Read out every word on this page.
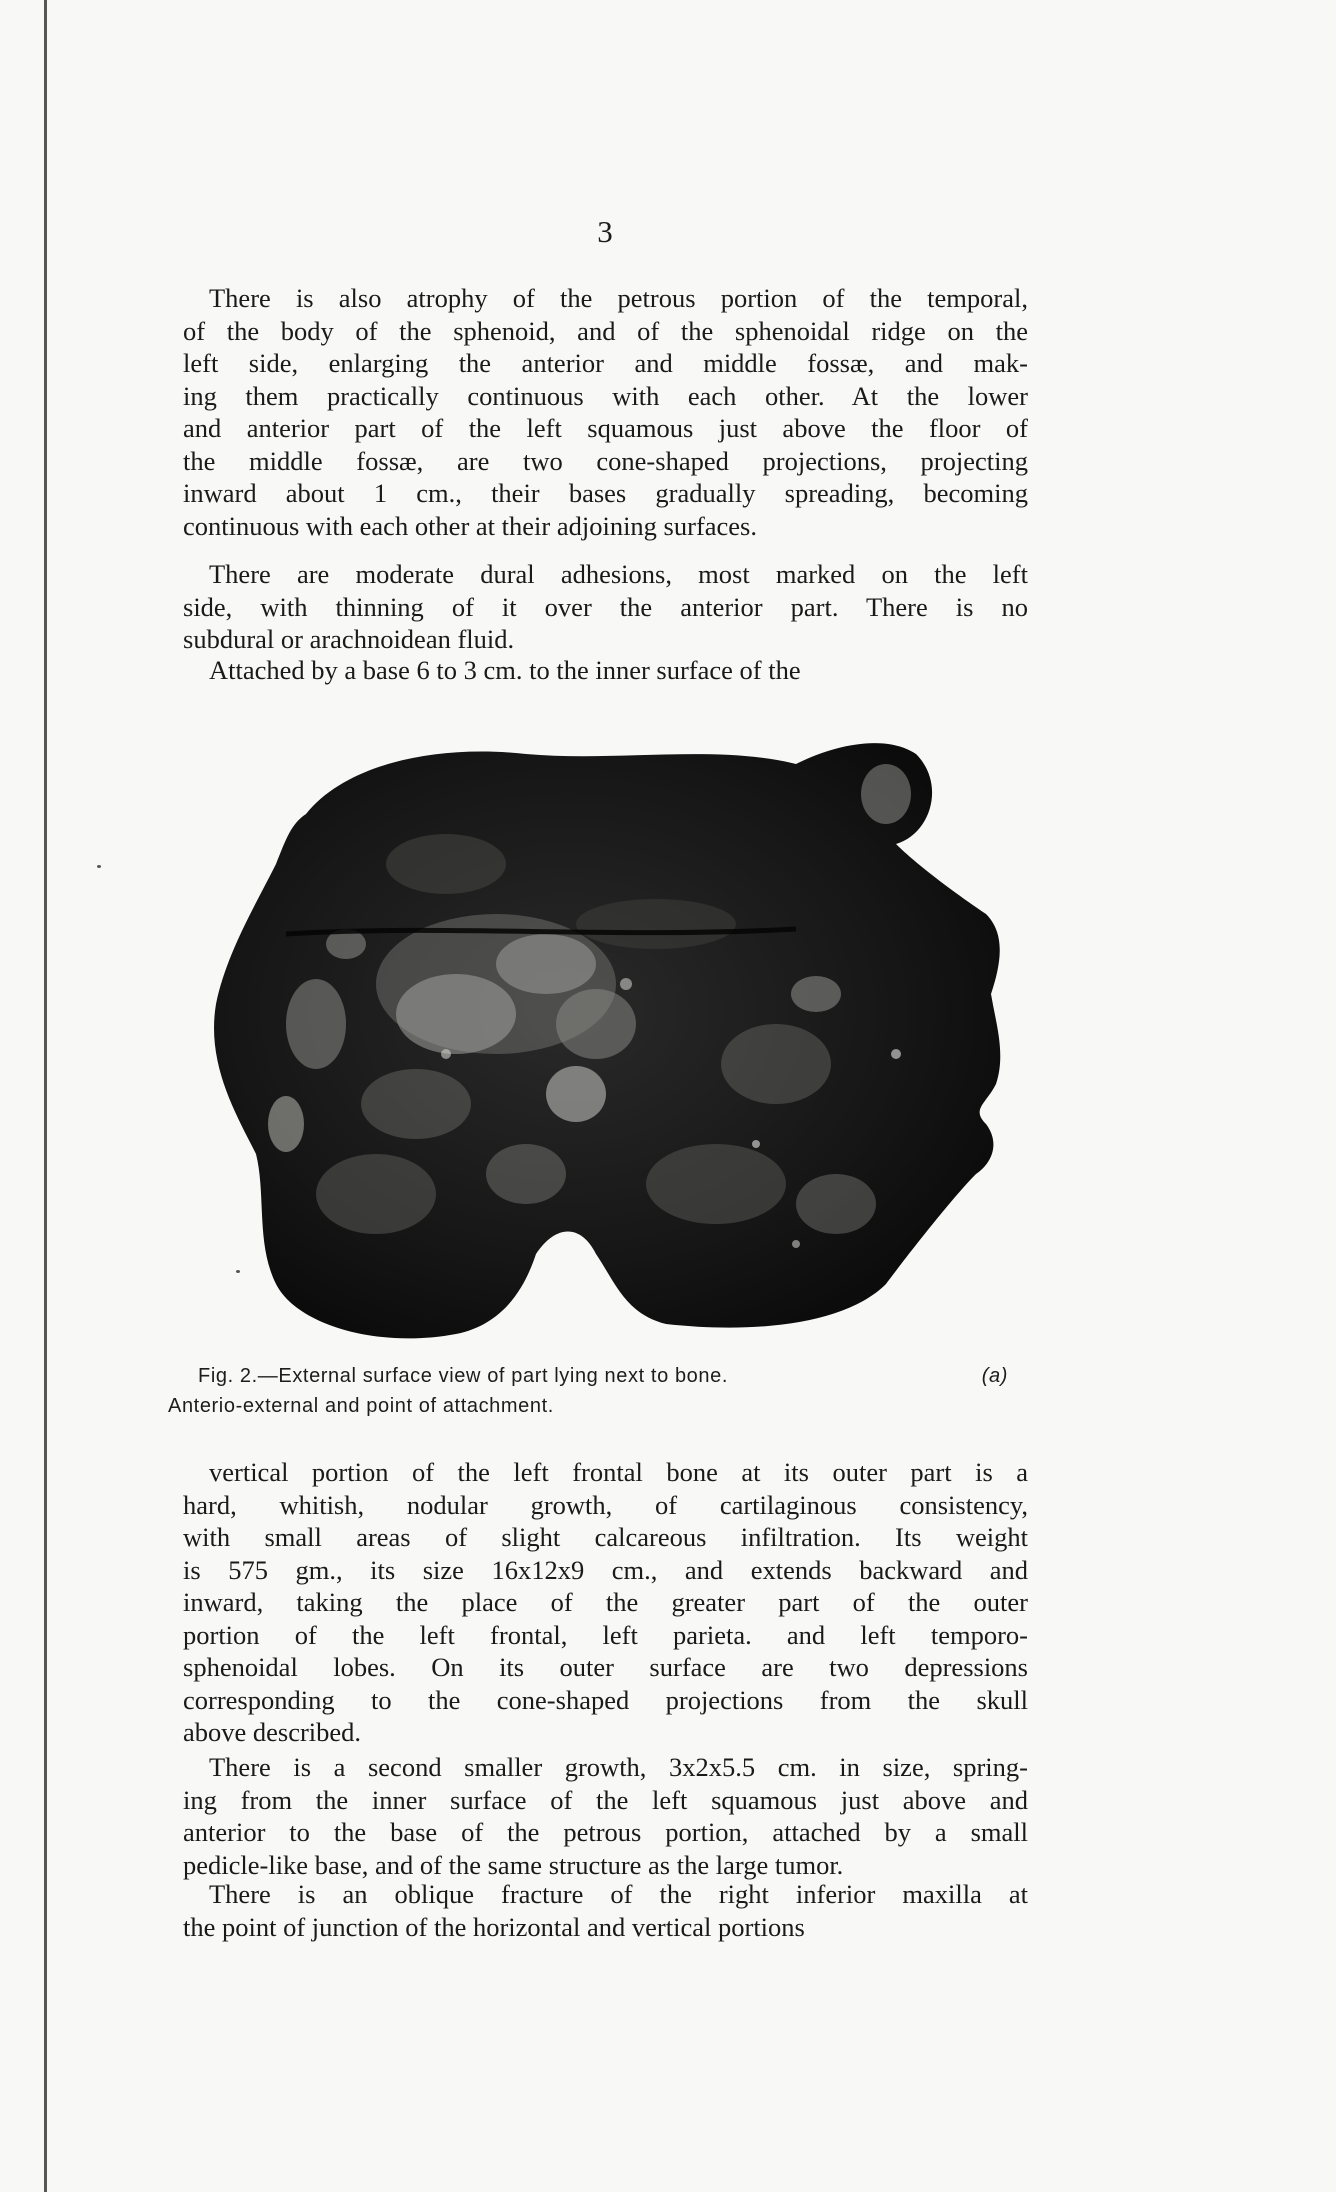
3
There is also atrophy of the petrous portion of the temporal,
of the body of the sphenoid, and of the sphenoidal ridge on the
left side, enlarging the anterior and middle fossæ, and mak-
ing them practically continuous with each other. At the lower
and anterior part of the left squamous just above the floor of
the middle fossæ, are two cone-shaped projections, projecting
inward about 1 cm., their bases gradually spreading, becoming
continuous with each other at their adjoining surfaces.
There are moderate dural adhesions, most marked on the left
side, with thinning of it over the anterior part. There is no
subdural or arachnoidean fluid.
Attached by a base 6 to 3 cm. to the inner surface of the
Fig. 2.—External surface view of part lying next to bone.	(a)
Anterio-external and point of attachment.
vertical portion of the left frontal bone at its outer part is a
hard, whitish, nodular growth, of cartilaginous consistency,
with small areas of slight calcareous infiltration. Its weight
is 575 gm., its size 16x12x9 cm., and extends backward and
inward, taking the place of the greater part of the outer
portion of the left frontal, left parieta. and left temporo-
sphenoidal lobes. On its outer surface are two depressions
corresponding to the cone-shaped projections from the skull
above described.
There is a second smaller growth, 3x2x5.5 cm. in size, spring-
ing from the inner surface of the left squamous just above and
anterior to the base of the petrous portion, attached by a small
pedicle-like base, and of the same structure as the large tumor.
There is an oblique fracture of the right inferior maxilla at
the point of junction of the horizontal and vertical portions
